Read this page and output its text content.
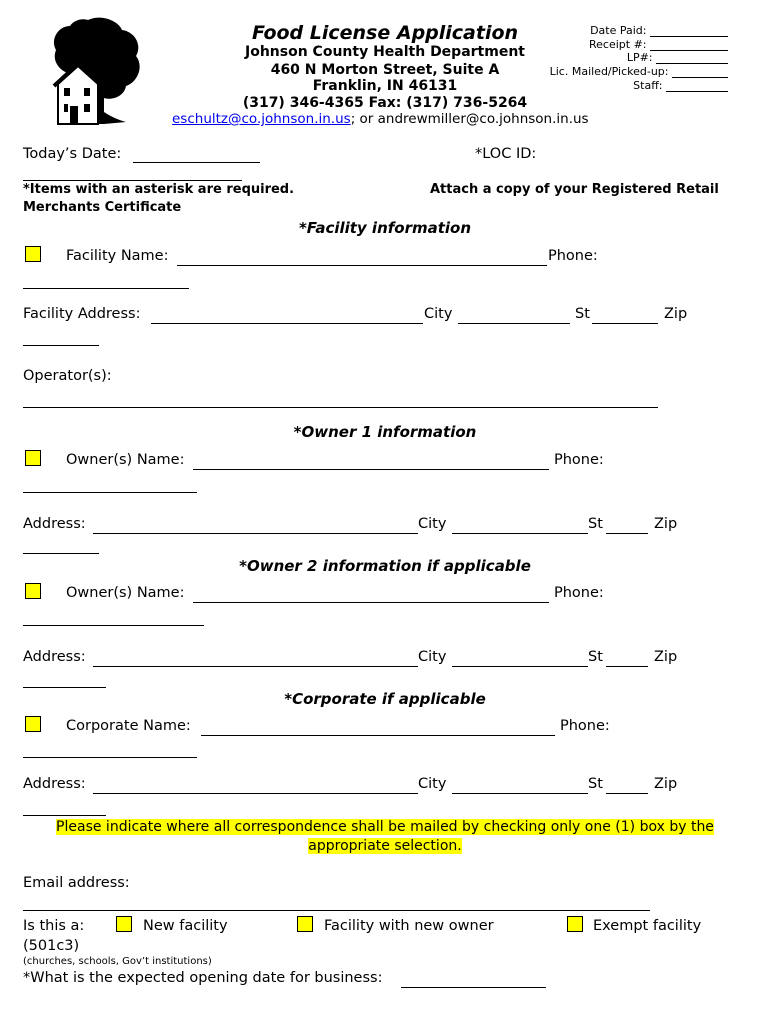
Food License Application
Johnson County Health Department
460 N Morton Street, Suite A
Franklin, IN 46131
(317) 346-4365 Fax: (317) 736-5264
eschultz@co.johnson.in.us; or andrewmiller@co.johnson.in.us
Date Paid:
Receipt #:
LP#:
Lic. Mailed/Picked-up:
Staff:
Today’s Date:	*LOC ID:
*Items with an asterisk are required.	Attach a copy of your Registered Retail
Merchants Certificate
*Facility information
Facility Name:	Phone:
Facility Address:	City	St	Zip
Operator(s):
*Owner 1 information
Owner(s) Name:	Phone:
Address:	City	St	Zip
*Owner 2 information if applicable
Owner(s) Name:	Phone:
Address:	City	St	Zip
*Corporate if applicable
Corporate Name:	Phone:
Address:	City	St	Zip
Please indicate where all correspondence shall be mailed by checking only one (1) box by the
appropriate selection.
Email address:
Is this a:	New facility	Facility with new owner	Exempt facility
(501c3)
(churches, schools, Gov’t institutions)
*What is the expected opening date for business:
